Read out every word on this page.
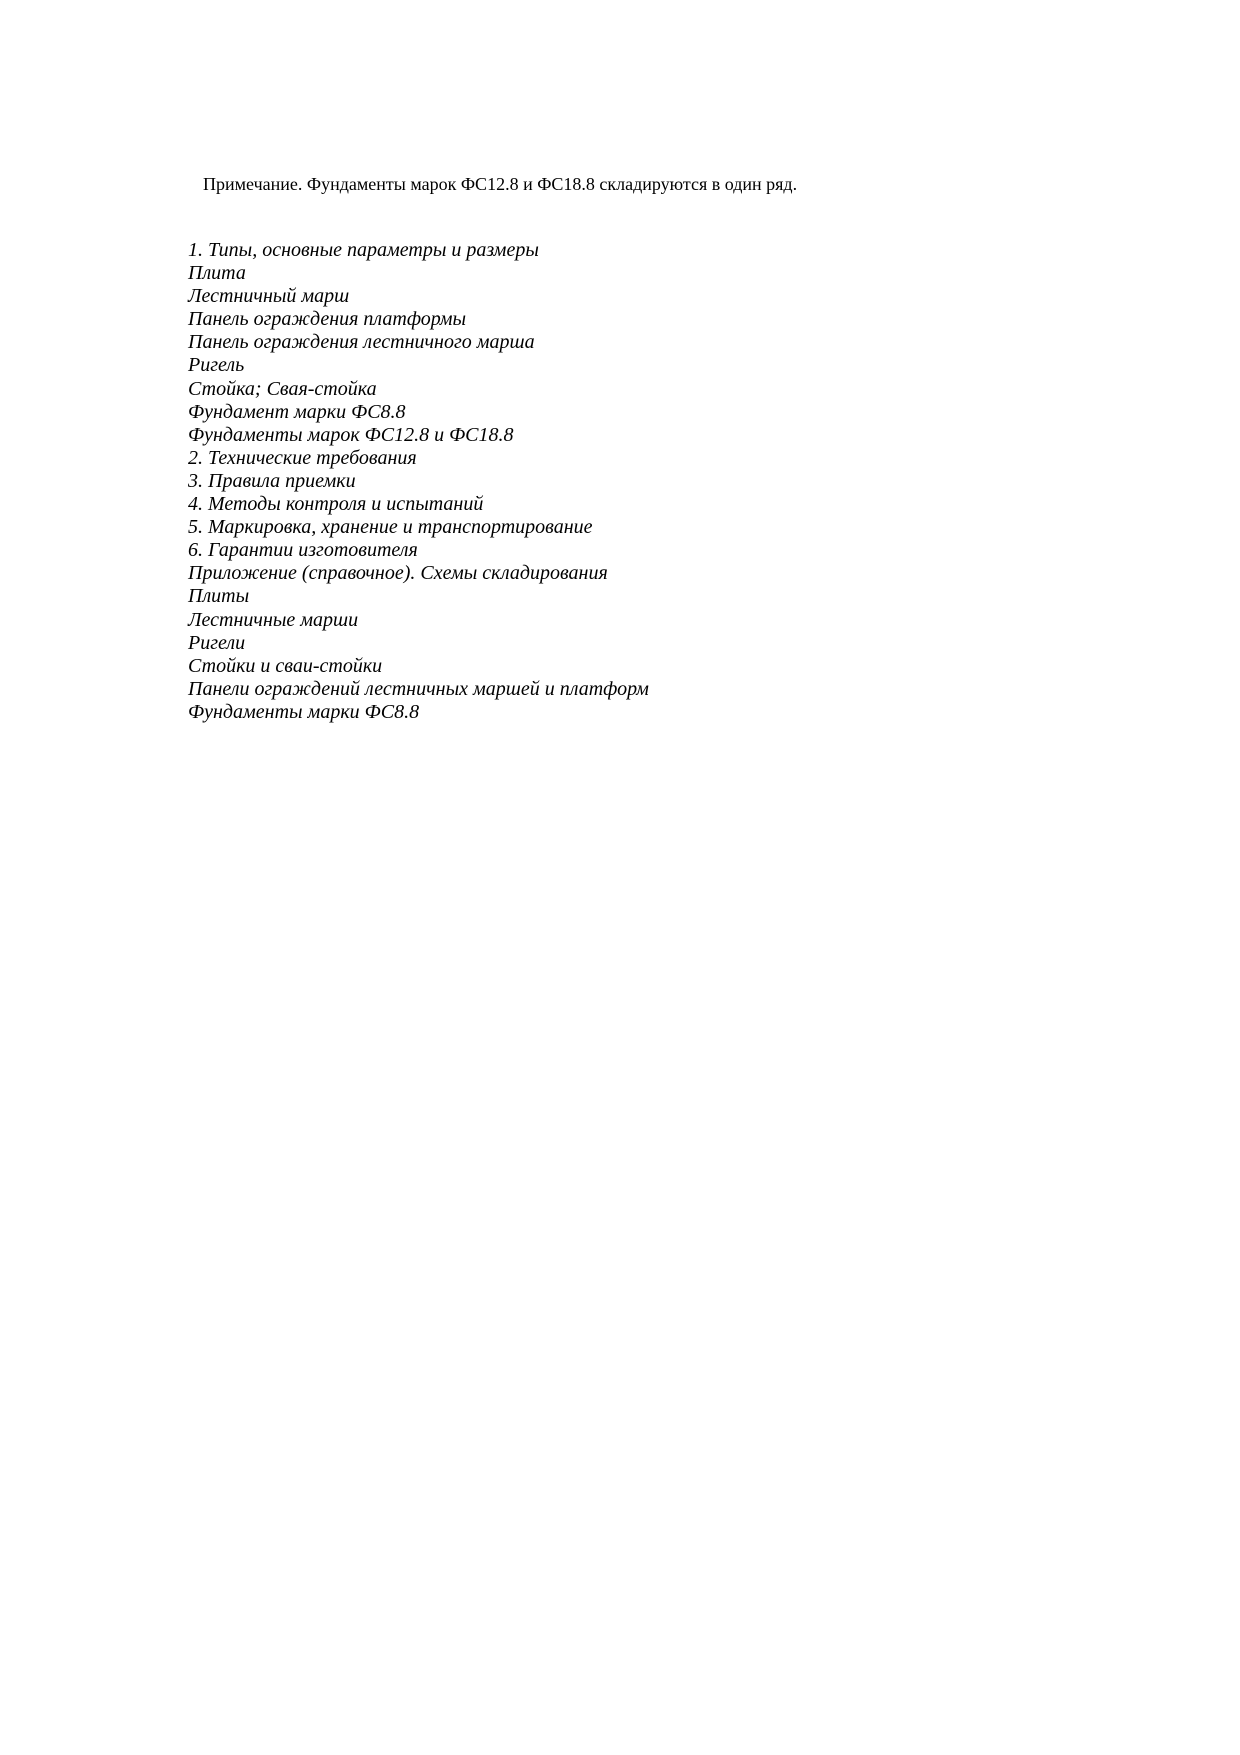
Примечание. Фундаменты марок ФС12.8 и ФС18.8 складируются в один ряд.

1. Типы, основные параметры и размеры
Плита
Лестничный марш
Панель ограждения платформы
Панель ограждения лестничного марша
Ригель
Стойка; Свая-стойка
Фундамент марки ФС8.8
Фундаменты марок ФС12.8 и ФС18.8
2. Технические требования
3. Правила приемки
4. Методы контроля и испытаний
5. Маркировка, хранение и транспортирование
6. Гарантии изготовителя
Приложение (справочное). Схемы складирования
Плиты
Лестничные марши
Ригели
Стойки и сваи-стойки
Панели ограждений лестничных маршей и платформ
Фундаменты марки ФС8.8
